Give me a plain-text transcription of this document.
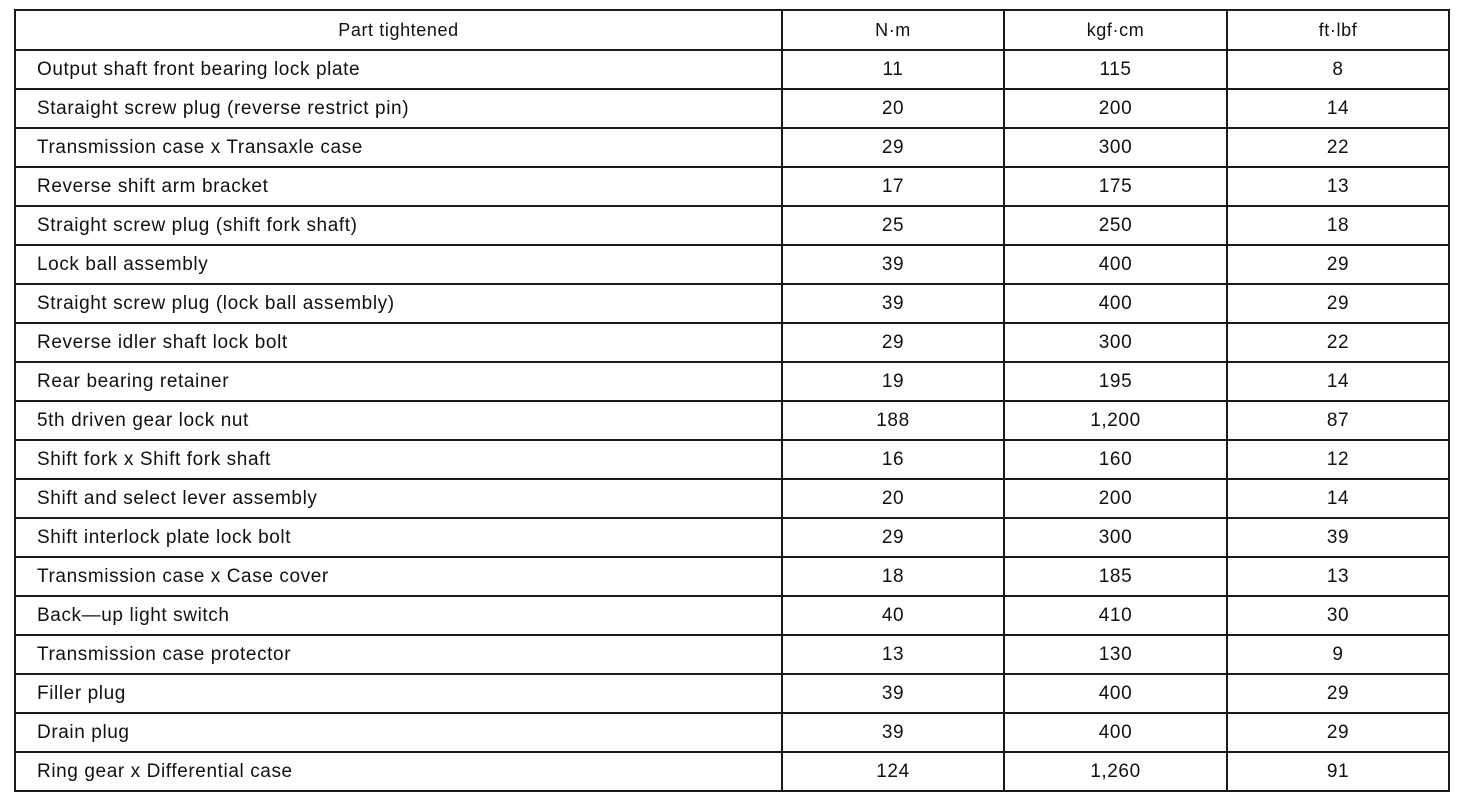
Part tightened	N·m	kgf·cm	ft·lbf
Output shaft front bearing lock plate	11	115	8
Staraight screw plug (reverse restrict pin)	20	200	14
Transmission case x Transaxle case	29	300	22
Reverse shift arm bracket	17	175	13
Straight screw plug (shift fork shaft)	25	250	18
Lock ball assembly	39	400	29
Straight screw plug (lock ball assembly)	39	400	29
Reverse idler shaft lock bolt	29	300	22
Rear bearing retainer	19	195	14
5th driven gear lock nut	188	1,200	87
Shift fork x Shift fork shaft	16	160	12
Shift and select lever assembly	20	200	14
Shift interlock plate lock bolt	29	300	39
Transmission case x Case cover	18	185	13
Back—up light switch	40	410	30
Transmission case protector	13	130	9
Filler plug	39	400	29
Drain plug	39	400	29
Ring gear x Differential case	124	1,260	91
